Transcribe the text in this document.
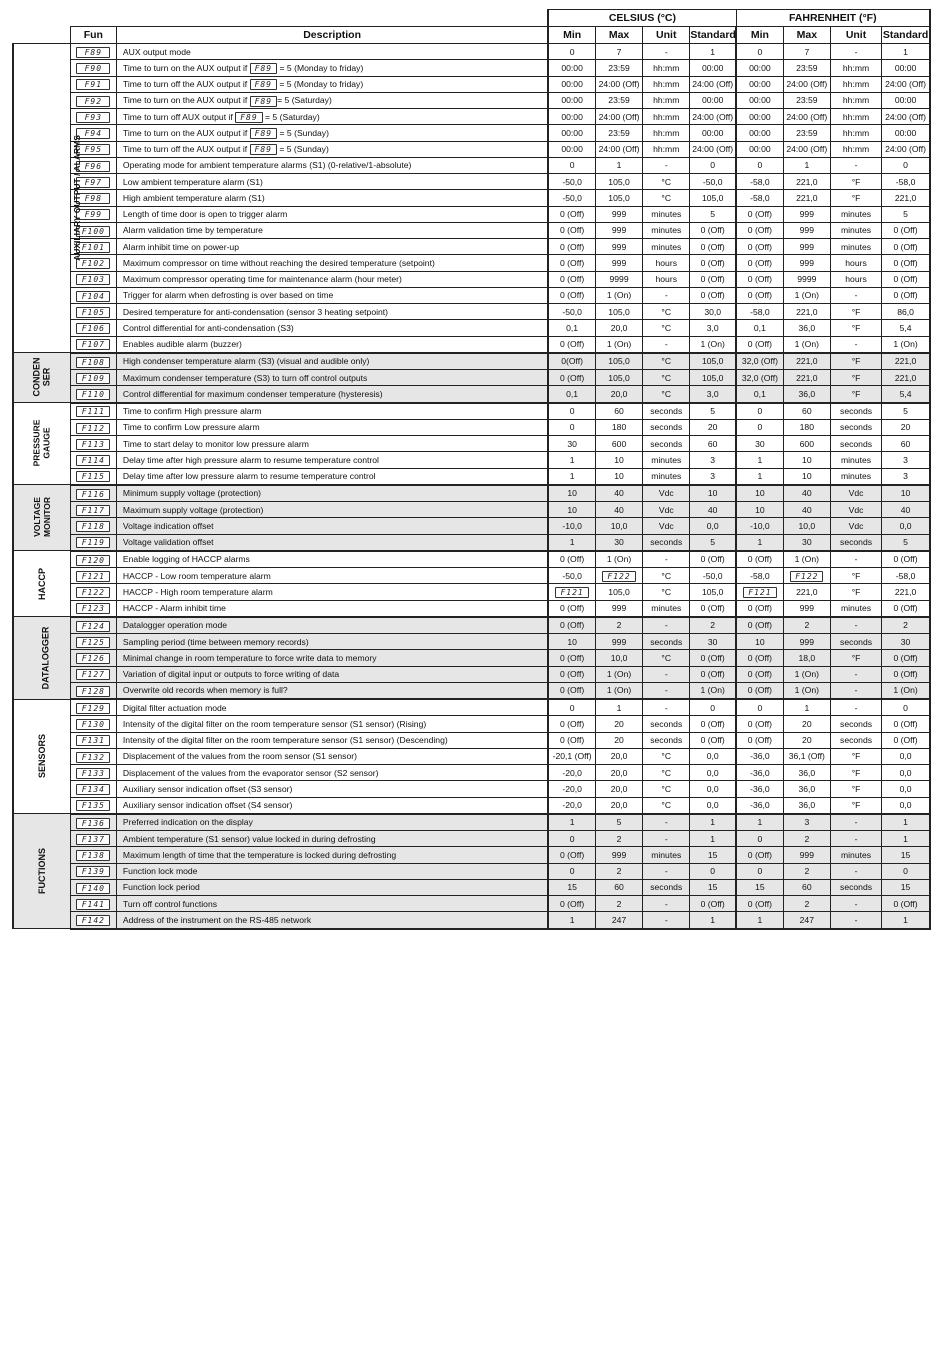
			CELSIUS (°C)				FAHRENHEIT (°F)			
	Fun	Description	Min	Max	Unit	Standard	Min	Max	Unit	Standard
AUXILIARY OUTPUT / ALARMS	F89	AUX output mode	0	7	-	1	0	7	-	1
	F90	Time to turn on the AUX output if F89 = 5 (Monday to friday)	00:00	23:59	hh:mm	00:00	00:00	23:59	hh:mm	00:00
	F91	Time to turn off the AUX output if F89 = 5 (Monday to friday)	00:00	24:00 (Off)	hh:mm	24:00 (Off)	00:00	24:00 (Off)	hh:mm	24:00 (Off)
	F92	Time to turn on the AUX output if F89 = 5 (Saturday)	00:00	23:59	hh:mm	00:00	00:00	23:59	hh:mm	00:00
	F93	Time to turn off AUX output if F89 = 5 (Saturday)	00:00	24:00 (Off)	hh:mm	24:00 (Off)	00:00	24:00 (Off)	hh:mm	24:00 (Off)
	F94	Time to turn on the AUX output if F89 = 5 (Sunday)	00:00	23:59	hh:mm	00:00	00:00	23:59	hh:mm	00:00
	F95	Time to turn off the AUX output if F89 = 5 (Sunday)	00:00	24:00 (Off)	hh:mm	24:00 (Off)	00:00	24:00 (Off)	hh:mm	24:00 (Off)
	F96	Operating mode for ambient temperature alarms (S1) (0-relative/1-absolute)	0	1	-	0	0	1	-	0
	F97	Low ambient temperature alarm (S1)	-50,0	105,0	°C	-50,0	-58,0	221,0	°F	-58,0
	F98	High ambient temperature alarm (S1)	-50,0	105,0	°C	105,0	-58,0	221,0	°F	221,0
	F99	Length of time door is open to trigger alarm	0 (Off)	999	minutes	5	0 (Off)	999	minutes	5
	F100	Alarm validation time by temperature	0 (Off)	999	minutes	0 (Off)	0 (Off)	999	minutes	0 (Off)
	F101	Alarm inhibit time on power-up	0 (Off)	999	minutes	0 (Off)	0 (Off)	999	minutes	0 (Off)
	F102	Maximum compressor on time without reaching the desired temperature (setpoint)	0 (Off)	999	hours	0 (Off)	0 (Off)	999	hours	0 (Off)
	F103	Maximum compressor operating time for maintenance alarm (hour meter)	0 (Off)	9999	hours	0 (Off)	0 (Off)	9999	hours	0 (Off)
	F104	Trigger for alarm when defrosting is over based on time	0 (Off)	1 (On)	-	0 (Off)	0 (Off)	1 (On)	-	0 (Off)
	F105	Desired temperature for anti-condensation (sensor 3 heating setpoint)	-50,0	105,0	°C	30,0	-58,0	221,0	°F	86,0
	F106	Control differential for anti-condensation (S3)	0,1	20,0	°C	3,0	0,1	36,0	°F	5,4
	F107	Enables audible alarm (buzzer)	0 (Off)	1 (On)	-	1 (On)	0 (Off)	1 (On)	-	1 (On)
CONDEN
SER	F108	High condenser temperature alarm (S3) (visual and audible only)	0(Off)	105,0	°C	105,0	32,0 (Off)	221,0	°F	221,0
	F109	Maximum condenser temperature (S3) to turn off control outputs	0 (Off)	105,0	°C	105,0	32,0 (Off)	221,0	°F	221,0
	F110	Control differential for maximum condenser temperature (hysteresis)	0,1	20,0	°C	3,0	0,1	36,0	°F	5,4
PRESSURE
GAUGE	F111	Time to confirm High pressure alarm	0	60	seconds	5	0	60	seconds	5
	F112	Time to confirm Low pressure alarm	0	180	seconds	20	0	180	seconds	20
	F113	Time to start delay to monitor low pressure alarm	30	600	seconds	60	30	600	seconds	60
	F114	Delay time after high pressure alarm to resume temperature control	1	10	minutes	3	1	10	minutes	3
	F115	Delay time after low pressure alarm to resume temperature control	1	10	minutes	3	1	10	minutes	3
VOLTAGE
MONITOR	F116	Minimum supply voltage (protection)	10	40	Vdc	10	10	40	Vdc	10
	F117	Maximum supply voltage (protection)	10	40	Vdc	40	10	40	Vdc	40
	F118	Voltage indication offset	-10,0	10,0	Vdc	0,0	-10,0	10,0	Vdc	0,0
	F119	Voltage validation offset	1	30	seconds	5	1	30	seconds	5
HACCP	F120	Enable logging of HACCP alarms	0 (Off)	1 (On)	-	0 (Off)	0 (Off)	1 (On)	-	0 (Off)
	F121	HACCP - Low room temperature alarm	-50,0	F122	°C	-50,0	-58,0	F122	°F	-58,0
	F122	HACCP - High room temperature alarm	F121	105,0	°C	105,0	F121	221,0	°F	221,0
	F123	HACCP - Alarm inhibit time	0 (Off)	999	minutes	0 (Off)	0 (Off)	999	minutes	0 (Off)
DATALOGGER	F124	Datalogger operation mode	0 (Off)	2	-	2	0 (Off)	2	-	2
	F125	Sampling period (time between memory records)	10	999	seconds	30	10	999	seconds	30
	F126	Minimal change in room temperature to force write data to memory	0 (Off)	10,0	°C	0 (Off)	0 (Off)	18,0	°F	0 (Off)
	F127	Variation of digital input or outputs to force writing of data	0 (Off)	1 (On)	-	0 (Off)	0 (Off)	1 (On)	-	0 (Off)
	F128	Overwrite old records when memory is full?	0 (Off)	1 (On)	-	1 (On)	0 (Off)	1 (On)	-	1 (On)
SENSORS	F129	Digital filter actuation mode	0	1	-	0	0	1	-	0
	F130	Intensity of the digital filter on the room temperature sensor (S1 sensor) (Rising)	0 (Off)	20	seconds	0 (Off)	0 (Off)	20	seconds	0 (Off)
	F131	Intensity of the digital filter on the room temperature sensor (S1 sensor) (Descending)	0 (Off)	20	seconds	0 (Off)	0 (Off)	20	seconds	0 (Off)
	F132	Displacement of the values from the room sensor (S1 sensor)	-20,1 (Off)	20,0	°C	0,0	-36,0	36,1 (Off)	°F	0,0
	F133	Displacement of the values from the evaporator sensor (S2 sensor)	-20,0	20,0	°C	0,0	-36,0	36,0	°F	0,0
	F134	Auxiliary sensor indication offset (S3 sensor)	-20,0	20,0	°C	0,0	-36,0	36,0	°F	0,0
	F135	Auxiliary sensor indication offset (S4 sensor)	-20,0	20,0	°C	0,0	-36,0	36,0	°F	0,0
FUCTIONS	F136	Preferred indication on the display	1	5	-	1	1	3	-	1
	F137	Ambient temperature (S1 sensor) value locked in during defrosting	0	2	-	1	0	2	-	1
	F138	Maximum length of time that the temperature is locked during defrosting	0 (Off)	999	minutes	15	0 (Off)	999	minutes	15
	F139	Function lock mode	0	2	-	0	0	2	-	0
	F140	Function lock period	15	60	seconds	15	15	60	seconds	15
	F141	Turn off control functions	0 (Off)	2	-	0 (Off)	0 (Off)	2	-	0 (Off)
	F142	Address of the instrument on the RS-485 network	1	247	-	1	1	247	-	1
